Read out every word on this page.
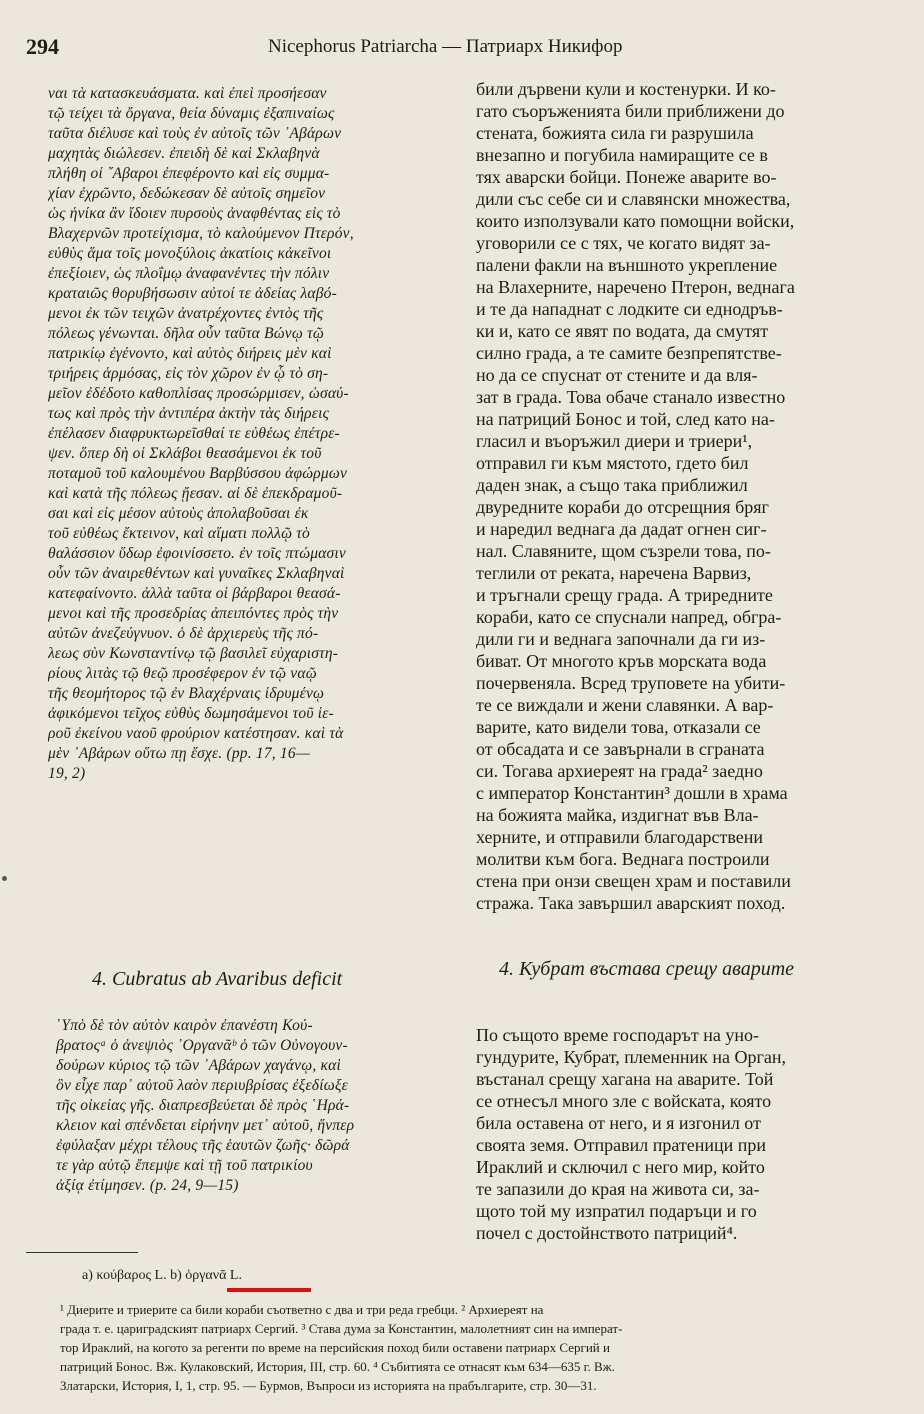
294	Nicephorus Patriarcha — Патриарх Никифор
ναι τὰ κατασκευάσματα. καὶ ἐπεὶ προσήεσαν
τῷ τείχει τὰ ὄργανα, θεία δύναμις ἐξαπιναίως
ταῦτα διέλυσε καὶ τοὺς ἐν αὐτοῖς τῶν ᾿Αβάρων
μαχητὰς διώλεσεν. ἐπειδὴ δὲ καὶ Σκλαβηνὰ
πλήθη οἱ ῎Αβαροι ἐπεφέροντο καὶ εἰς συμμα-
χίαν ἐχρῶντο, δεδώκεσαν δὲ αὐτοῖς σημεῖον
ὡς ἡνίκα ἂν ἴδοιεν πυρσοὺς ἀναφθέντας εἰς τὸ
Βλαχερνῶν προτείχισμα, τὸ καλούμενον Πτερόν,
εὐθὺς ἅμα τοῖς μονοξύλοις ἀκατίοις κἀκεῖνοι
ἐπεξίοιεν, ὡς πλοΐμῳ ἀναφανέντες τὴν πόλιν
κραταιῶς θορυβήσωσιν αὐτοί τε ἀδείας λαβό-
μενοι ἐκ τῶν τειχῶν ἀνατρέχοντες ἐντὸς τῆς
πόλεως γένωνται. δῆλα οὖν ταῦτα Βώνῳ τῷ
πατρικίῳ ἐγένοντο, καὶ αὐτὸς διήρεις μὲν καὶ
τριήρεις ἁρμόσας, εἰς τὸν χῶρον ἐν ᾧ τὸ ση-
μεῖον ἐδέδοτο καθοπλίσας προσώρμισεν, ὡσαύ-
τως καὶ πρὸς τὴν ἀντιπέρα ἀκτὴν τὰς διήρεις
ἐπέλασεν διαφρυκτωρεῖσθαί τε εὐθέως ἐπέτρε-
ψεν. ὅπερ δὴ οἱ Σκλάβοι θεασάμενοι ἐκ τοῦ
ποταμοῦ τοῦ καλουμένου Βαρβύσσου ἀφώρμων
καὶ κατὰ τῆς πόλεως ᾔεσαν. αἱ δὲ ἐπεκδραμοῦ-
σαι καὶ εἰς μέσον αὐτοὺς ἀπολαβοῦσαι ἐκ
τοῦ εὐθέως ἔκτεινον, καὶ αἵματι πολλῷ τὸ
θαλάσσιον ὕδωρ ἐφοινίσσετο. ἐν τοῖς πτώμασιν
οὖν τῶν ἀναιρεθέντων καὶ γυναῖκες Σκλαβηναὶ
κατεφαίνοντο. ἀλλὰ ταῦτα οἱ βάρβαροι θεασά-
μενοι καὶ τῆς προσεδρίας ἀπειπόντες πρὸς τὴν
αὐτῶν ἀνεζεύγνυον. ὁ δὲ ἀρχιερεὺς τῆς πό-
λεως σὺν Κωνσταντίνῳ τῷ βασιλεῖ εὐχαριστη-
ρίους λιτὰς τῷ θεῷ προσέφερον ἐν τῷ ναῷ
τῆς θεομήτορος τῷ ἐν Βλαχέρναις ἱδρυμένῳ
ἀφικόμενοι τεῖχος εὐθὺς δωμησάμενοι τοῦ ἱε-
ροῦ ἐκείνου ναοῦ φρούριον κατέστησαν. καὶ τὰ
μὲν ᾿Αβάρων οὕτω πῃ ἔσχε. (pp. 17, 16—
19, 2)
били дървени кули и костенурки. И ко-
гато съоръженията били приближени до
стената, божията сила ги разрушила
внезапно и погубила намиращите се в
тях аварски бойци. Понеже аварите во-
дили със себе си и славянски множества,
които използували като помощни войски,
уговорили се с тях, че когато видят за-
палени факли на външното укрепление
на Влахерните, наречено Птерон, веднага
и те да нападнат с лодките си еднодръв-
ки и, като се явят по водата, да смутят
силно града, а те самите безпрепятстве-
но да се спуснат от стените и да вля-
зат в града. Това обаче станало известно
на патриций Бонос и той, след като на-
гласил и въоръжил диери и триери¹,
отправил ги към мястото, гдето бил
даден знак, а също така приближил
двуредните кораби до отсрещния бряг
и наредил веднага да дадат огнен сиг-
нал. Славяните, щом съзрели това, по-
теглили от реката, наречена Варвиз,
и тръгнали срещу града. А триредните
кораби, като се спуснали напред, обгра-
дили ги и веднага започнали да ги из-
биват. От многото кръв морската вода
почервеняла. Всред труповете на убити-
те се виждали и жени славянки. А вар-
варите, като видели това, отказали се
от обсадата и се завърнали в сграната
си. Тогава архиереят на града² заедно
с император Константин³ дошли в храма
на божията майка, издигнат във Вла-
херните, и отправили благодарствени
молитви към бога. Веднага построили
стена при онзи свещен храм и поставили
стража. Така завършил аварският поход.
4. Cubratus ab Avaribus deficit	4. Кубрат въстава срещу аварите
῾Υπὸ δὲ τὸν αὐτὸν καιρὸν ἐπανέστη Κού-
βρατοςᵃ ὁ ἀνεψιὸς ᾿Οργανᾶᵇ ὁ τῶν Οὐνογουν-
δούρων κύριος τῷ τῶν ᾿Αβάρων χαγάνῳ, καὶ
ὃν εἶχε παρ᾿ αὐτοῦ λαὸν περιυβρίσας ἐξεδίωξε
τῆς οἰκείας γῆς. διαπρεσβεύεται δὲ πρὸς ῾Ηρά-
κλειον καὶ σπένδεται εἰρήνην μετ᾿ αὐτοῦ, ἥνπερ
ἐφύλαξαν μέχρι τέλους τῆς ἑαυτῶν ζωῆς· δῶρά
τε γὰρ αὐτῷ ἔπεμψε καὶ τῇ τοῦ πατρικίου
ἀξίᾳ ἐτίμησεν. (p. 24, 9—15)
По същото време господарът на уно-
гундурите, Кубрат, племенник на Орган,
въстанал срещу хагана на аварите. Той
се отнесъл много зле с войската, която
била оставена от него, и я изгонил от
своята земя. Отправил пратеници при
Ираклий и сключил с него мир, който
те запазили до края на живота си, за-
щото той му изпратил подаръци и го
почел с достойнството патриций⁴.
a) κούβαρος L. b) ὀργανᾶ L.
¹ Диерите и триерите са били кораби съответно с два и три реда гребци. ² Архиереят на
града т. е. цариградският патриарх Сергий. ³ Става дума за Константин, малолетният син на императ-
тор Ираклий, на когото за регенти по време на персийския поход били оставени патриарх Сергий и
патриций Бонос. Вж. Кулаковский, История, III, стр. 60. ⁴ Събитията се отнасят към 634—635 г. Вж.
Златарски, История, I, 1, стр. 95. — Бурмов, Въпроси из историята на прабългарите, стр. 30—31.
